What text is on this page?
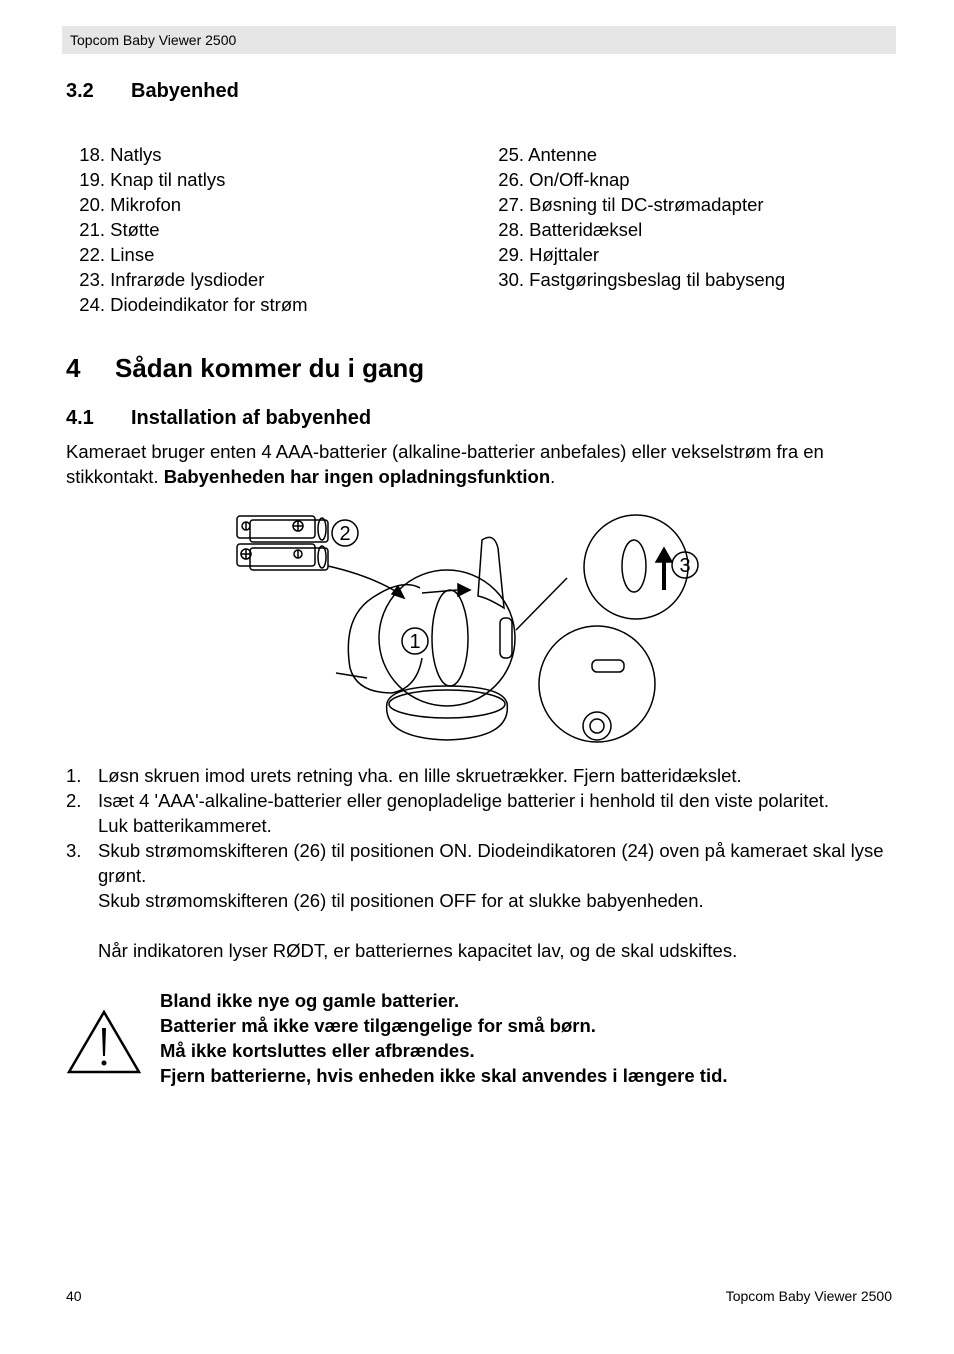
Topcom Baby Viewer 2500
3.2 Babyenhed
18. Natlys
19. Knap til natlys
20. Mikrofon
21. Støtte
22. Linse
23. Infrarøde lysdioder
24. Diodeindikator for strøm
25. Antenne
26. On/Off-knap
27. Bøsning til DC-strømadapter
28. Batteridæksel
29. Højttaler
30. Fastgøringsbeslag til babyseng
4 Sådan kommer du i gang
4.1 Installation af babyenhed
Kameraet bruger enten 4 AAA-batterier (alkaline-batterier anbefales) eller vekselstrøm fra en stikkontakt. Babyenheden har ingen opladningsfunktion.
2
1
3
1. Løsn skruen imod urets retning vha. en lille skruetrækker. Fjern batteridækslet.
2. Isæt 4 'AAA'-alkaline-batterier eller genopladelige batterier i henhold til den viste polaritet. Luk batterikammeret.
3. Skub strømomskifteren (26) til positionen ON. Diodeindikatoren (24) oven på kameraet skal lyse grønt.
Skub strømomskifteren (26) til positionen OFF for at slukke babyenheden.
Når indikatoren lyser RØDT, er batteriernes kapacitet lav, og de skal udskiftes.
Bland ikke nye og gamle batterier.
Batterier må ikke være tilgængelige for små børn.
Må ikke kortsluttes eller afbrændes.
Fjern batterierne, hvis enheden ikke skal anvendes i længere tid.
40	Topcom Baby Viewer 2500
